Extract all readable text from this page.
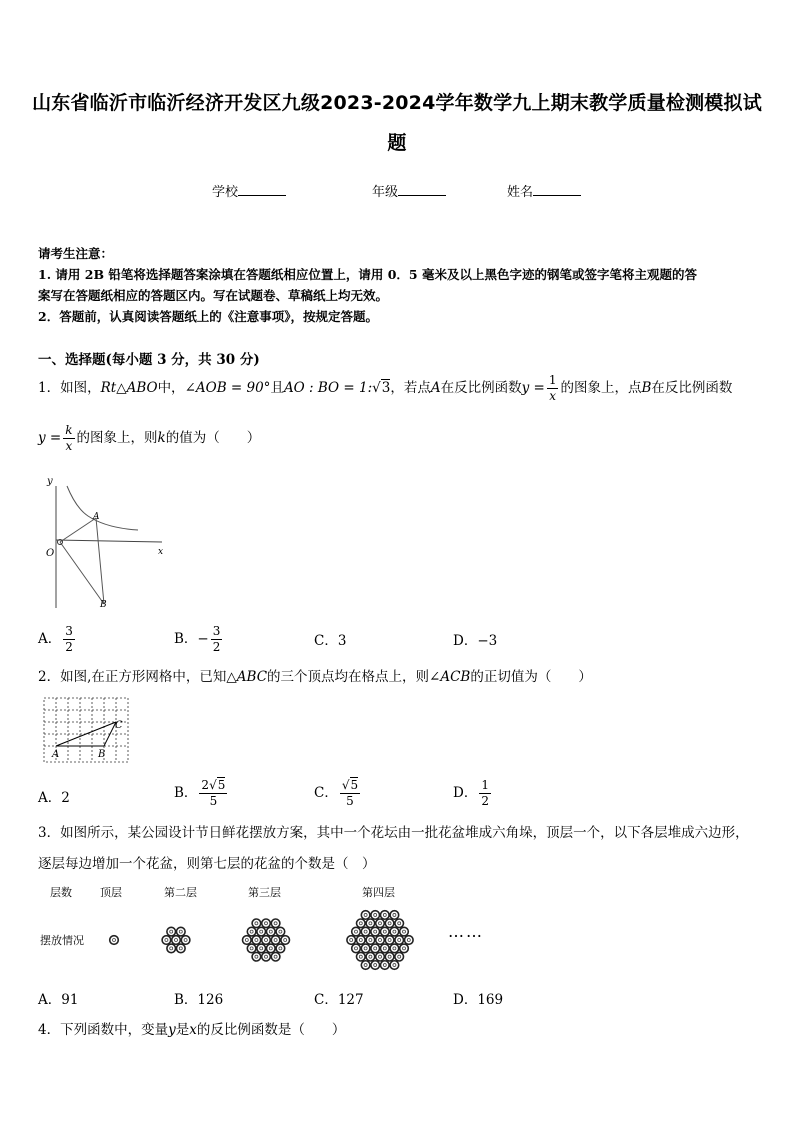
山东省临沂市临沂经济开发区九级2023-2024学年数学九上期末教学质量检测模拟试
题
学校	年级	姓名
请考生注意：
1. 请用 2B 铅笔将选择题答案涂填在答题纸相应位置上，请用 0．5 毫米及以上黑色字迹的钢笔或签字笔将主观题的答
案写在答题纸相应的答题区内。写在试题卷、草稿纸上均无效。
2．答题前，认真阅读答题纸上的《注意事项》，按规定答题。
一、选择题(每小题 3 分，共 30 分)
1．如图，Rt△ABO中，∠AOB = 90°且AO : BO = 1:√3，若点A在反比例函数$y = \frac{1}{x}$ 的图象上，点B在反比例函数
$y = \frac{k}{x}$ 的图象上，则k的值为（　　）
y
x
O
A
B
A． $\frac{3}{2}$	B．− $\frac{3}{2}$	C．3	D．−3
2．如图,在正方形网格中，已知△ABC的三个顶点均在格点上，则∠ACB的正切值为（　　）
A	B
C
A．2	B． $\frac{2√5}{5}$	C． $\frac{√5}{5}$	D． $\frac{1}{2}$
3．如图所示，某公园设计节日鲜花摆放方案，其中一个花坛由一批花盆堆成六角垛，顶层一个，以下各层堆成六边形，
逐层每边增加一个花盆，则第七层的花盆的个数是（　）
层数	顶层	第二层	第三层	第四层
摆放情况	……
A．91	B．126	C．127	D．169
4．下列函数中，变量y是x的反比例函数是（　　）
